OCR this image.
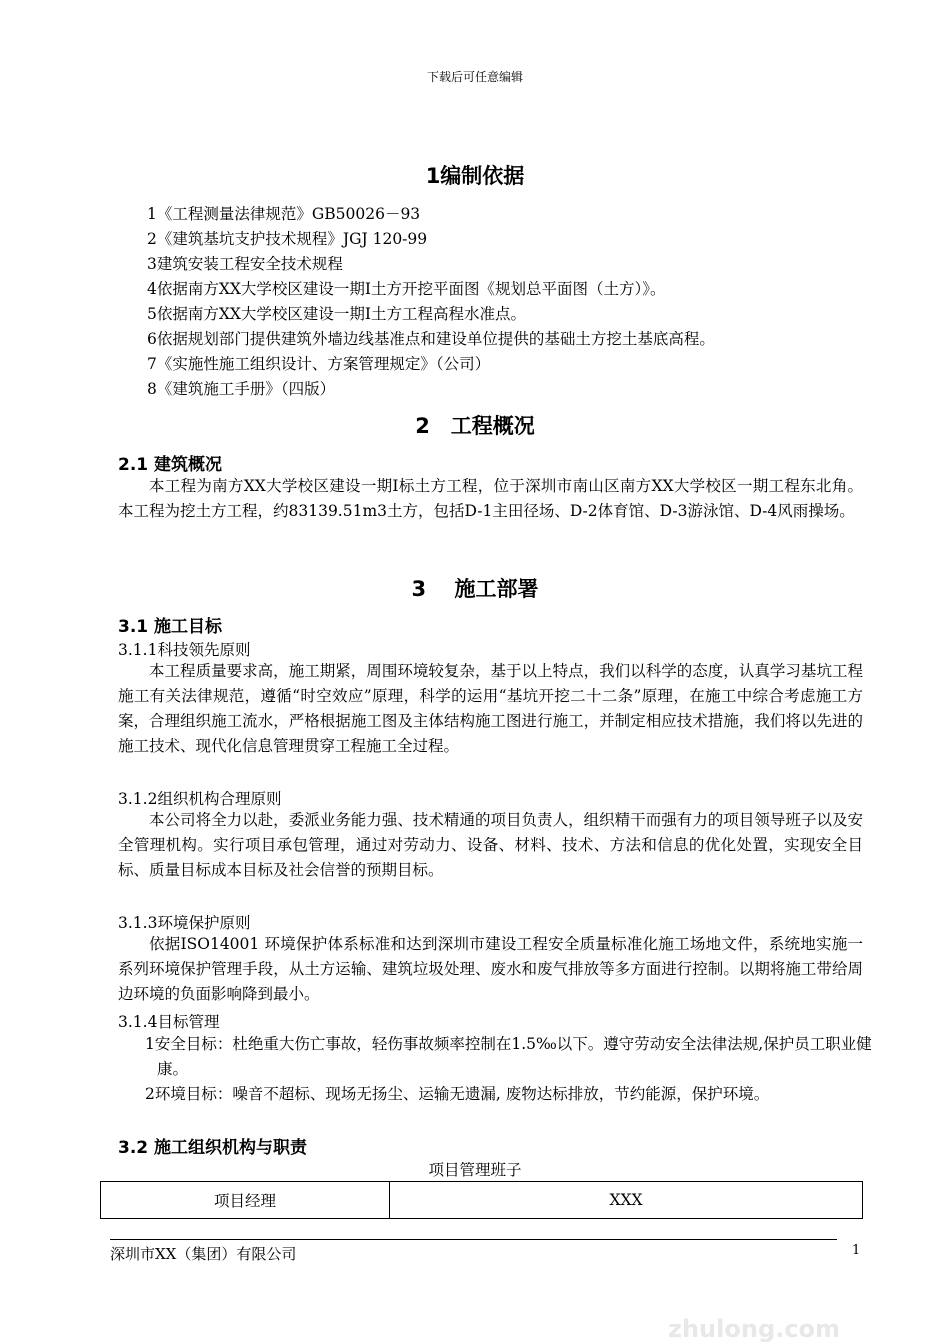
下载后可任意编辑
1编制依据
1《工程测量法律规范》GB50026－93
2《建筑基坑支护技术规程》JGJ 120-99
3建筑安装工程安全技术规程
4依据南方XX大学校区建设一期Ⅰ土方开挖平面图《规划总平面图（土方）》。
5依据南方XX大学校区建设一期Ⅰ土方工程高程水准点。
6依据规划部门提供建筑外墙边线基准点和建设单位提供的基础土方挖土基底高程。
7《实施性施工组织设计、方案管理规定》（公司）
8《建筑施工手册》（四版）
2　工程概况
2.1 建筑概况
本工程为南方XX大学校区建设一期Ⅰ标土方工程，位于深圳市南山区南方XX大学校区一期工程东北角。本工程为挖土方工程，约83139.51m3土方，包括D-1主田径场、D-2体育馆、D-3游泳馆、D-4风雨操场。
3　 施工部署
3.1 施工目标
3.1.1科技领先原则
本工程质量要求高，施工期紧，周围环境较复杂，基于以上特点，我们以科学的态度，认真学习基坑工程施工有关法律规范，遵循“时空效应”原理，科学的运用“基坑开挖二十二条”原理，在施工中综合考虑施工方案，合理组织施工流水，严格根据施工图及主体结构施工图进行施工，并制定相应技术措施，我们将以先进的施工技术、现代化信息管理贯穿工程施工全过程。
3.1.2组织机构合理原则
本公司将全力以赴，委派业务能力强、技术精通的项目负责人，组织精干而强有力的项目领导班子以及安全管理机构。实行项目承包管理，通过对劳动力、设备、材料、技术、方法和信息的优化处置，实现安全目标、质量目标成本目标及社会信誉的预期目标。
3.1.3环境保护原则
依据ISO14001 环境保护体系标准和达到深圳市建设工程安全质量标准化施工场地文件，系统地实施一系列环境保护管理手段，从土方运输、建筑垃圾处理、废水和废气排放等多方面进行控制。以期将施工带给周边环境的负面影响降到最小。
3.1.4目标管理
1安全目标：杜绝重大伤亡事故，轻伤事故频率控制在1.5‰以下。遵守劳动安全法律法规,保护员工职业健康。
2环境目标：噪音不超标、现场无扬尘、运输无遗漏, 废物达标排放，节约能源，保护环境。
3.2 施工组织机构与职责
项目管理班子
项目经理	XXX
深圳市XX（集团）有限公司	1
zhulong.com
